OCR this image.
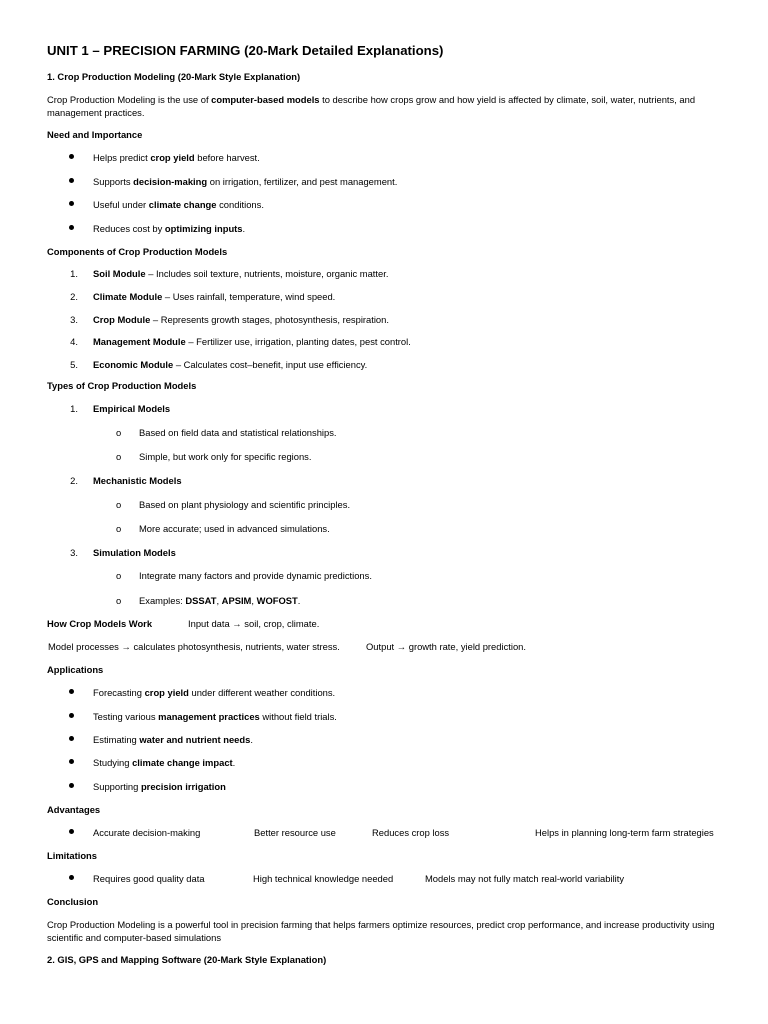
UNIT 1 – PRECISION FARMING (20-Mark Detailed Explanations)
1. Crop Production Modeling (20-Mark Style Explanation)
Crop Production Modeling is the use of computer-based models to describe how crops grow and how yield is affected by climate, soil, water, nutrients, and management practices.
Need and Importance
Helps predict crop yield before harvest.
Supports decision-making on irrigation, fertilizer, and pest management.
Useful under climate change conditions.
Reduces cost by optimizing inputs.
Components of Crop Production Models
1. Soil Module – Includes soil texture, nutrients, moisture, organic matter.
2. Climate Module – Uses rainfall, temperature, wind speed.
3. Crop Module – Represents growth stages, photosynthesis, respiration.
4. Management Module – Fertilizer use, irrigation, planting dates, pest control.
5. Economic Module – Calculates cost–benefit, input use efficiency.
Types of Crop Production Models
1. Empirical Models
o Based on field data and statistical relationships.
o Simple, but work only for specific regions.
2. Mechanistic Models
o Based on plant physiology and scientific principles.
o More accurate; used in advanced simulations.
3. Simulation Models
o Integrate many factors and provide dynamic predictions.
o Examples: DSSAT, APSIM, WOFOST.
How Crop Models Work	Input data → soil, crop, climate.
Model processes → calculates photosynthesis, nutrients, water stress.	Output → growth rate, yield prediction.
Applications
Forecasting crop yield under different weather conditions.
Testing various management practices without field trials.
Estimating water and nutrient needs.
Studying climate change impact.
Supporting precision irrigation
Advantages
Accurate decision-making	Better resource use	Reduces crop loss	Helps in planning long-term farm strategies
Limitations
Requires good quality data	High technical knowledge needed	Models may not fully match real-world variability
Conclusion
Crop Production Modeling is a powerful tool in precision farming that helps farmers optimize resources, predict crop performance, and increase productivity using scientific and computer-based simulations
2. GIS, GPS and Mapping Software (20-Mark Style Explanation)
